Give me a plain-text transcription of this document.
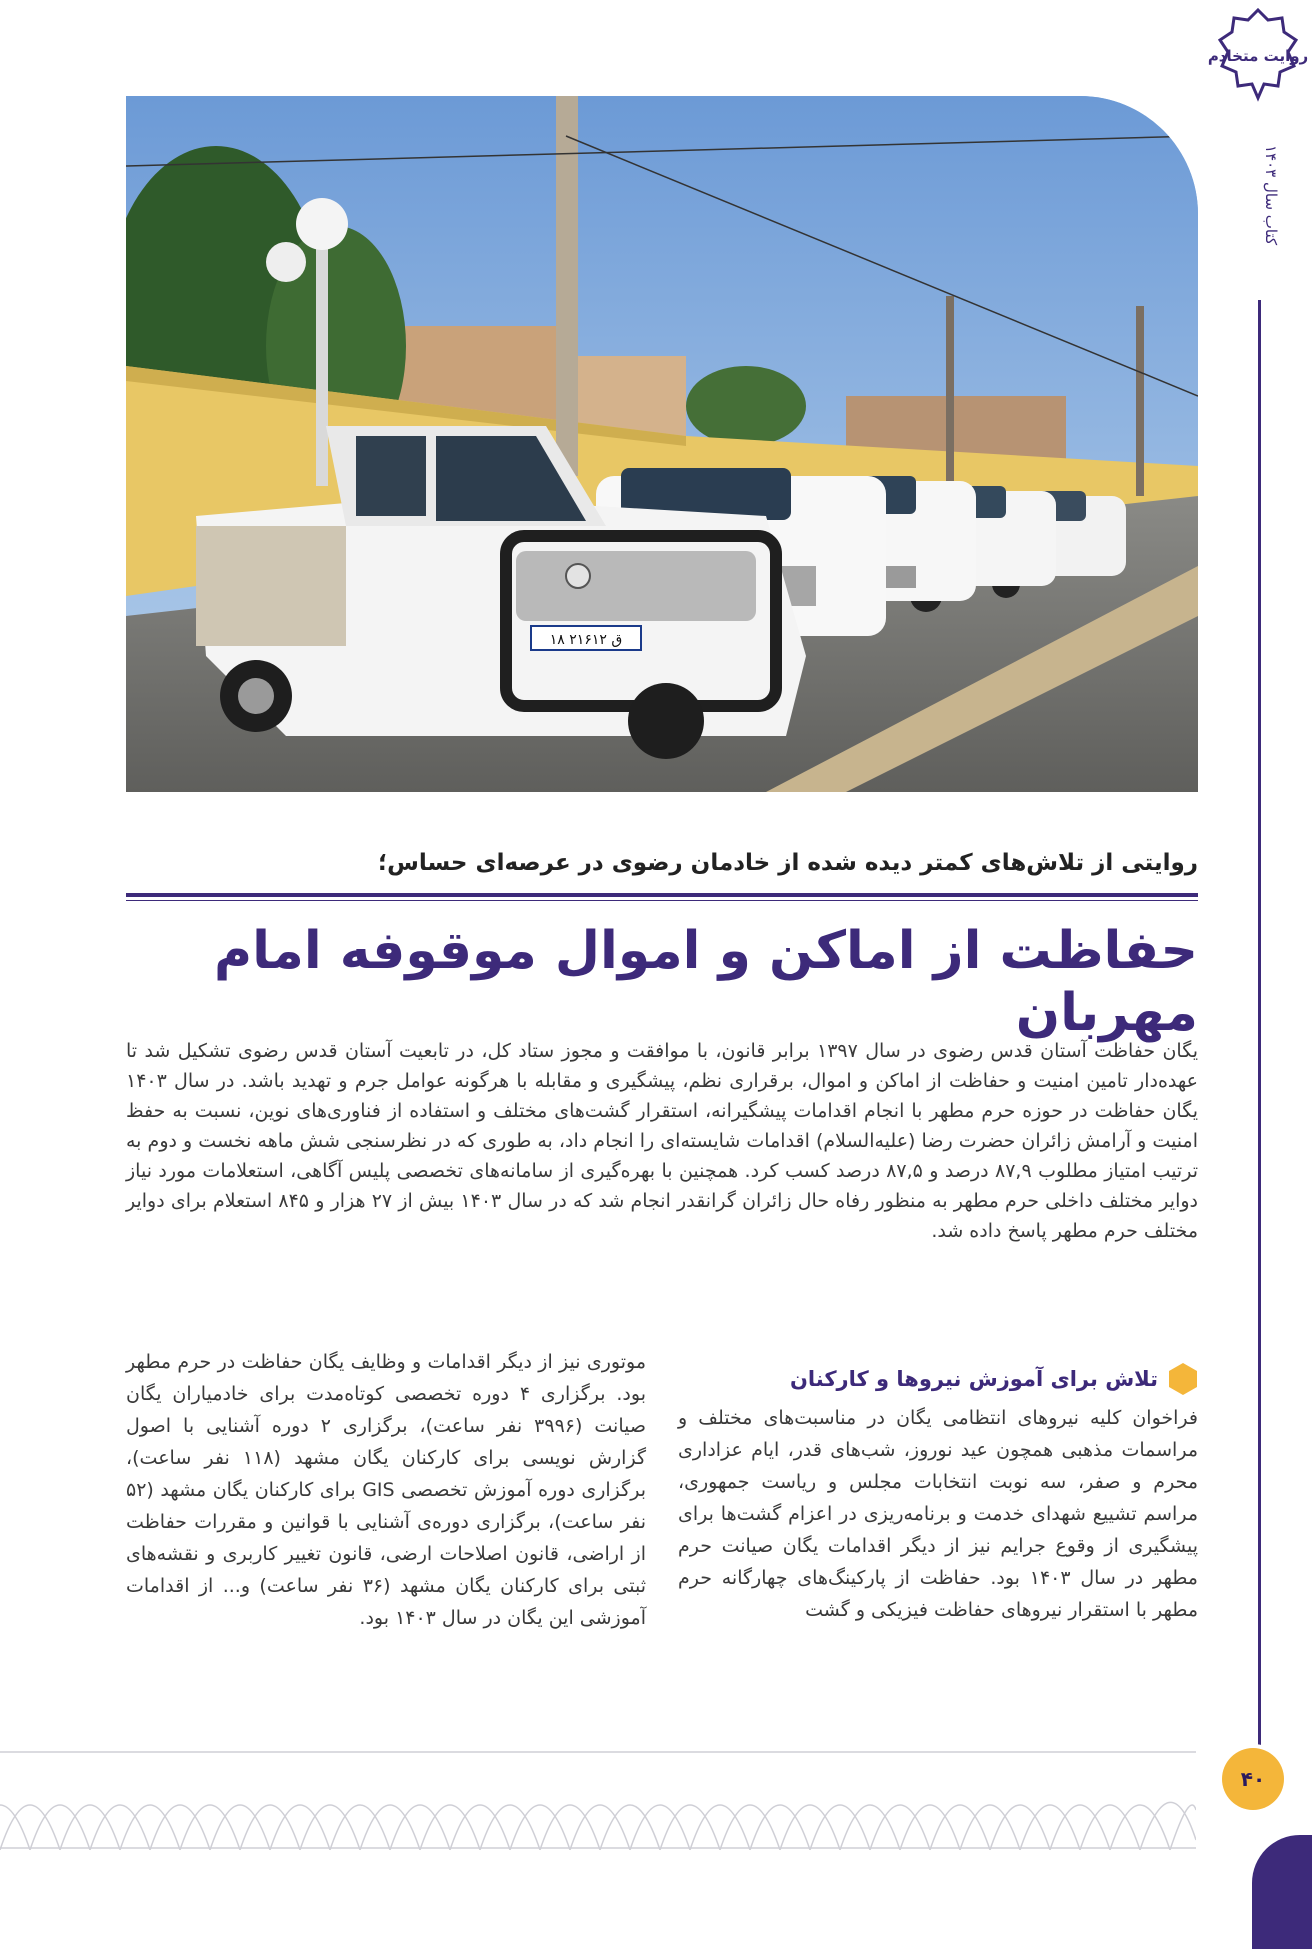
روایت متخادم
کتاب سال ۱۴۰۳
۴۰
۱۸ ق ۲۱۶۱۲
روایتی از تلاش‌های کمتر دیده شده از خادمان رضوی در عرصه‌ای حساس؛
حفاظت از اماکن و اموال موقوفه امام مهربان

یگان حفاظت آستان قدس رضوی در سال ۱۳۹۷ برابر قانون، با موافقت و مجوز ستاد کل، در تابعیت آستان قدس رضوی تشکیل شد تا عهده‌دار تامین امنیت و حفاظت از اماکن و اموال، برقراری نظم، پیشگیری و مقابله با هرگونه عوامل جرم و تهدید باشد. در سال ۱۴۰۳ یگان حفاظت در حوزه حرم مطهر با انجام اقدامات پیشگیرانه، استقرار گشت‌های مختلف و استفاده از فناوری‌های نوین، نسبت به حفظ امنیت و آرامش زائران حضرت رضا (علیه‌السلام) اقدامات شایسته‌ای را انجام داد، به طوری که در نظرسنجی شش ماهه نخست و دوم به ترتیب امتیاز مطلوب ۸۷,۹ درصد و ۸۷,۵ درصد کسب کرد. همچنین با بهره‌گیری از سامانه‌های تخصصی پلیس آگاهی، استعلامات مورد نیاز دوایر مختلف داخلی حرم مطهر به منظور رفاه حال زائران گرانقدر انجام شد که در سال ۱۴۰۳ بیش از ۲۷ هزار و ۸۴۵ استعلام برای دوایر مختلف حرم مطهر پاسخ داده شد.

تلاش برای آموزش نیروها و کارکنان

فراخوان کلیه نیروهای انتظامی یگان در مناسبت‌های مختلف و مراسمات مذهبی همچون عید نوروز، شب‌های قدر، ایام عزاداری محرم و صفر، سه نوبت انتخابات مجلس و ریاست جمهوری، مراسم تشییع شهدای خدمت و برنامه‌ریزی در اعزام گشت‌ها برای پیشگیری از وقوع جرایم نیز از دیگر اقدامات یگان صیانت حرم مطهر در سال ۱۴۰۳ بود. حفاظت از پارکینگ‌های چهارگانه حرم مطهر با استقرار نیروهای حفاظت فیزیکی و گشت

موتوری نیز از دیگر اقدامات و وظایف یگان حفاظت در حرم مطهر بود. برگزاری ۴ دوره تخصصی کوتاه‌مدت برای خادمیاران یگان صیانت (۳۹۹۶ نفر ساعت)، برگزاری ۲ دوره آشنایی با اصول گزارش نویسی برای کارکنان یگان مشهد (۱۱۸ نفر ساعت)، برگزاری دوره آموزش تخصصی GIS برای کارکنان یگان مشهد (۵۲ نفر ساعت)، برگزاری دوره‌ی آشنایی با قوانین و مقررات حفاظت از اراضی، قانون اصلاحات ارضی، قانون تغییر کاربری و نقشه‌های ثبتی برای کارکنان یگان مشهد (۳۶ نفر ساعت) و... از اقدامات آموزشی این یگان در سال ۱۴۰۳ بود.
